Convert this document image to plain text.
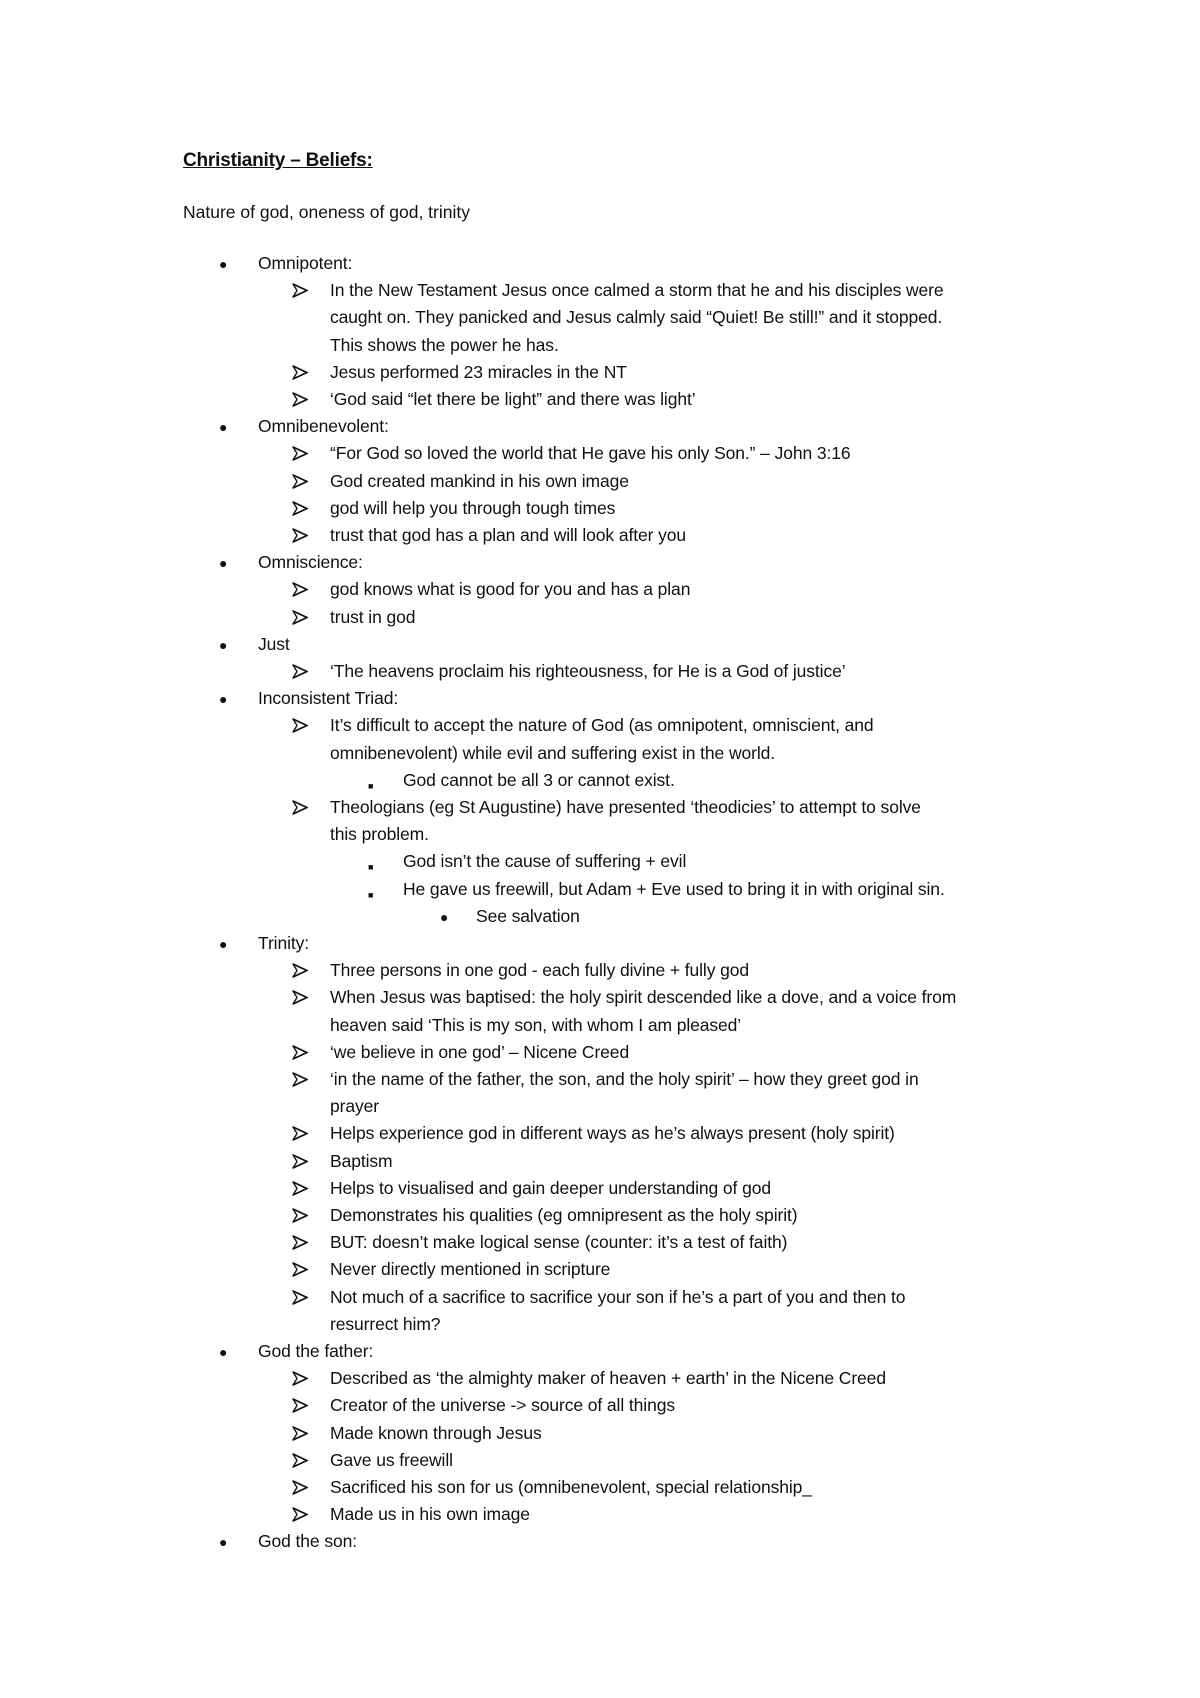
Christianity – Beliefs:
Nature of god, oneness of god, trinity
● Omnipotent:
In the New Testament Jesus once calmed a storm that he and his disciples were
caught on. They panicked and Jesus calmly said “Quiet! Be still!” and it stopped.
This shows the power he has.
Jesus performed 23 miracles in the NT
‘God said “let there be light” and there was light’
● Omnibenevolent:
“For God so loved the world that He gave his only Son.” – John 3:16
God created mankind in his own image
god will help you through tough times
trust that god has a plan and will look after you
● Omniscience:
god knows what is good for you and has a plan
trust in god
● Just
‘The heavens proclaim his righteousness, for He is a God of justice’
● Inconsistent Triad:
It’s difficult to accept the nature of God (as omnipotent, omniscient, and
omnibenevolent) while evil and suffering exist in the world.
■ God cannot be all 3 or cannot exist.
Theologians (eg St Augustine) have presented ‘theodicies’ to attempt to solve
this problem.
■ God isn’t the cause of suffering + evil
■ He gave us freewill, but Adam + Eve used to bring it in with original sin.
● See salvation
● Trinity:
Three persons in one god - each fully divine + fully god
When Jesus was baptised: the holy spirit descended like a dove, and a voice from
heaven said ‘This is my son, with whom I am pleased’
‘we believe in one god’ – Nicene Creed
‘in the name of the father, the son, and the holy spirit’ – how they greet god in
prayer
Helps experience god in different ways as he’s always present (holy spirit)
Baptism
Helps to visualised and gain deeper understanding of god
Demonstrates his qualities (eg omnipresent as the holy spirit)
BUT: doesn’t make logical sense (counter: it’s a test of faith)
Never directly mentioned in scripture
Not much of a sacrifice to sacrifice your son if he’s a part of you and then to
resurrect him?
● God the father:
Described as ‘the almighty maker of heaven + earth’ in the Nicene Creed
Creator of the universe -> source of all things
Made known through Jesus
Gave us freewill
Sacrificed his son for us (omnibenevolent, special relationship_
Made us in his own image
● God the son:
